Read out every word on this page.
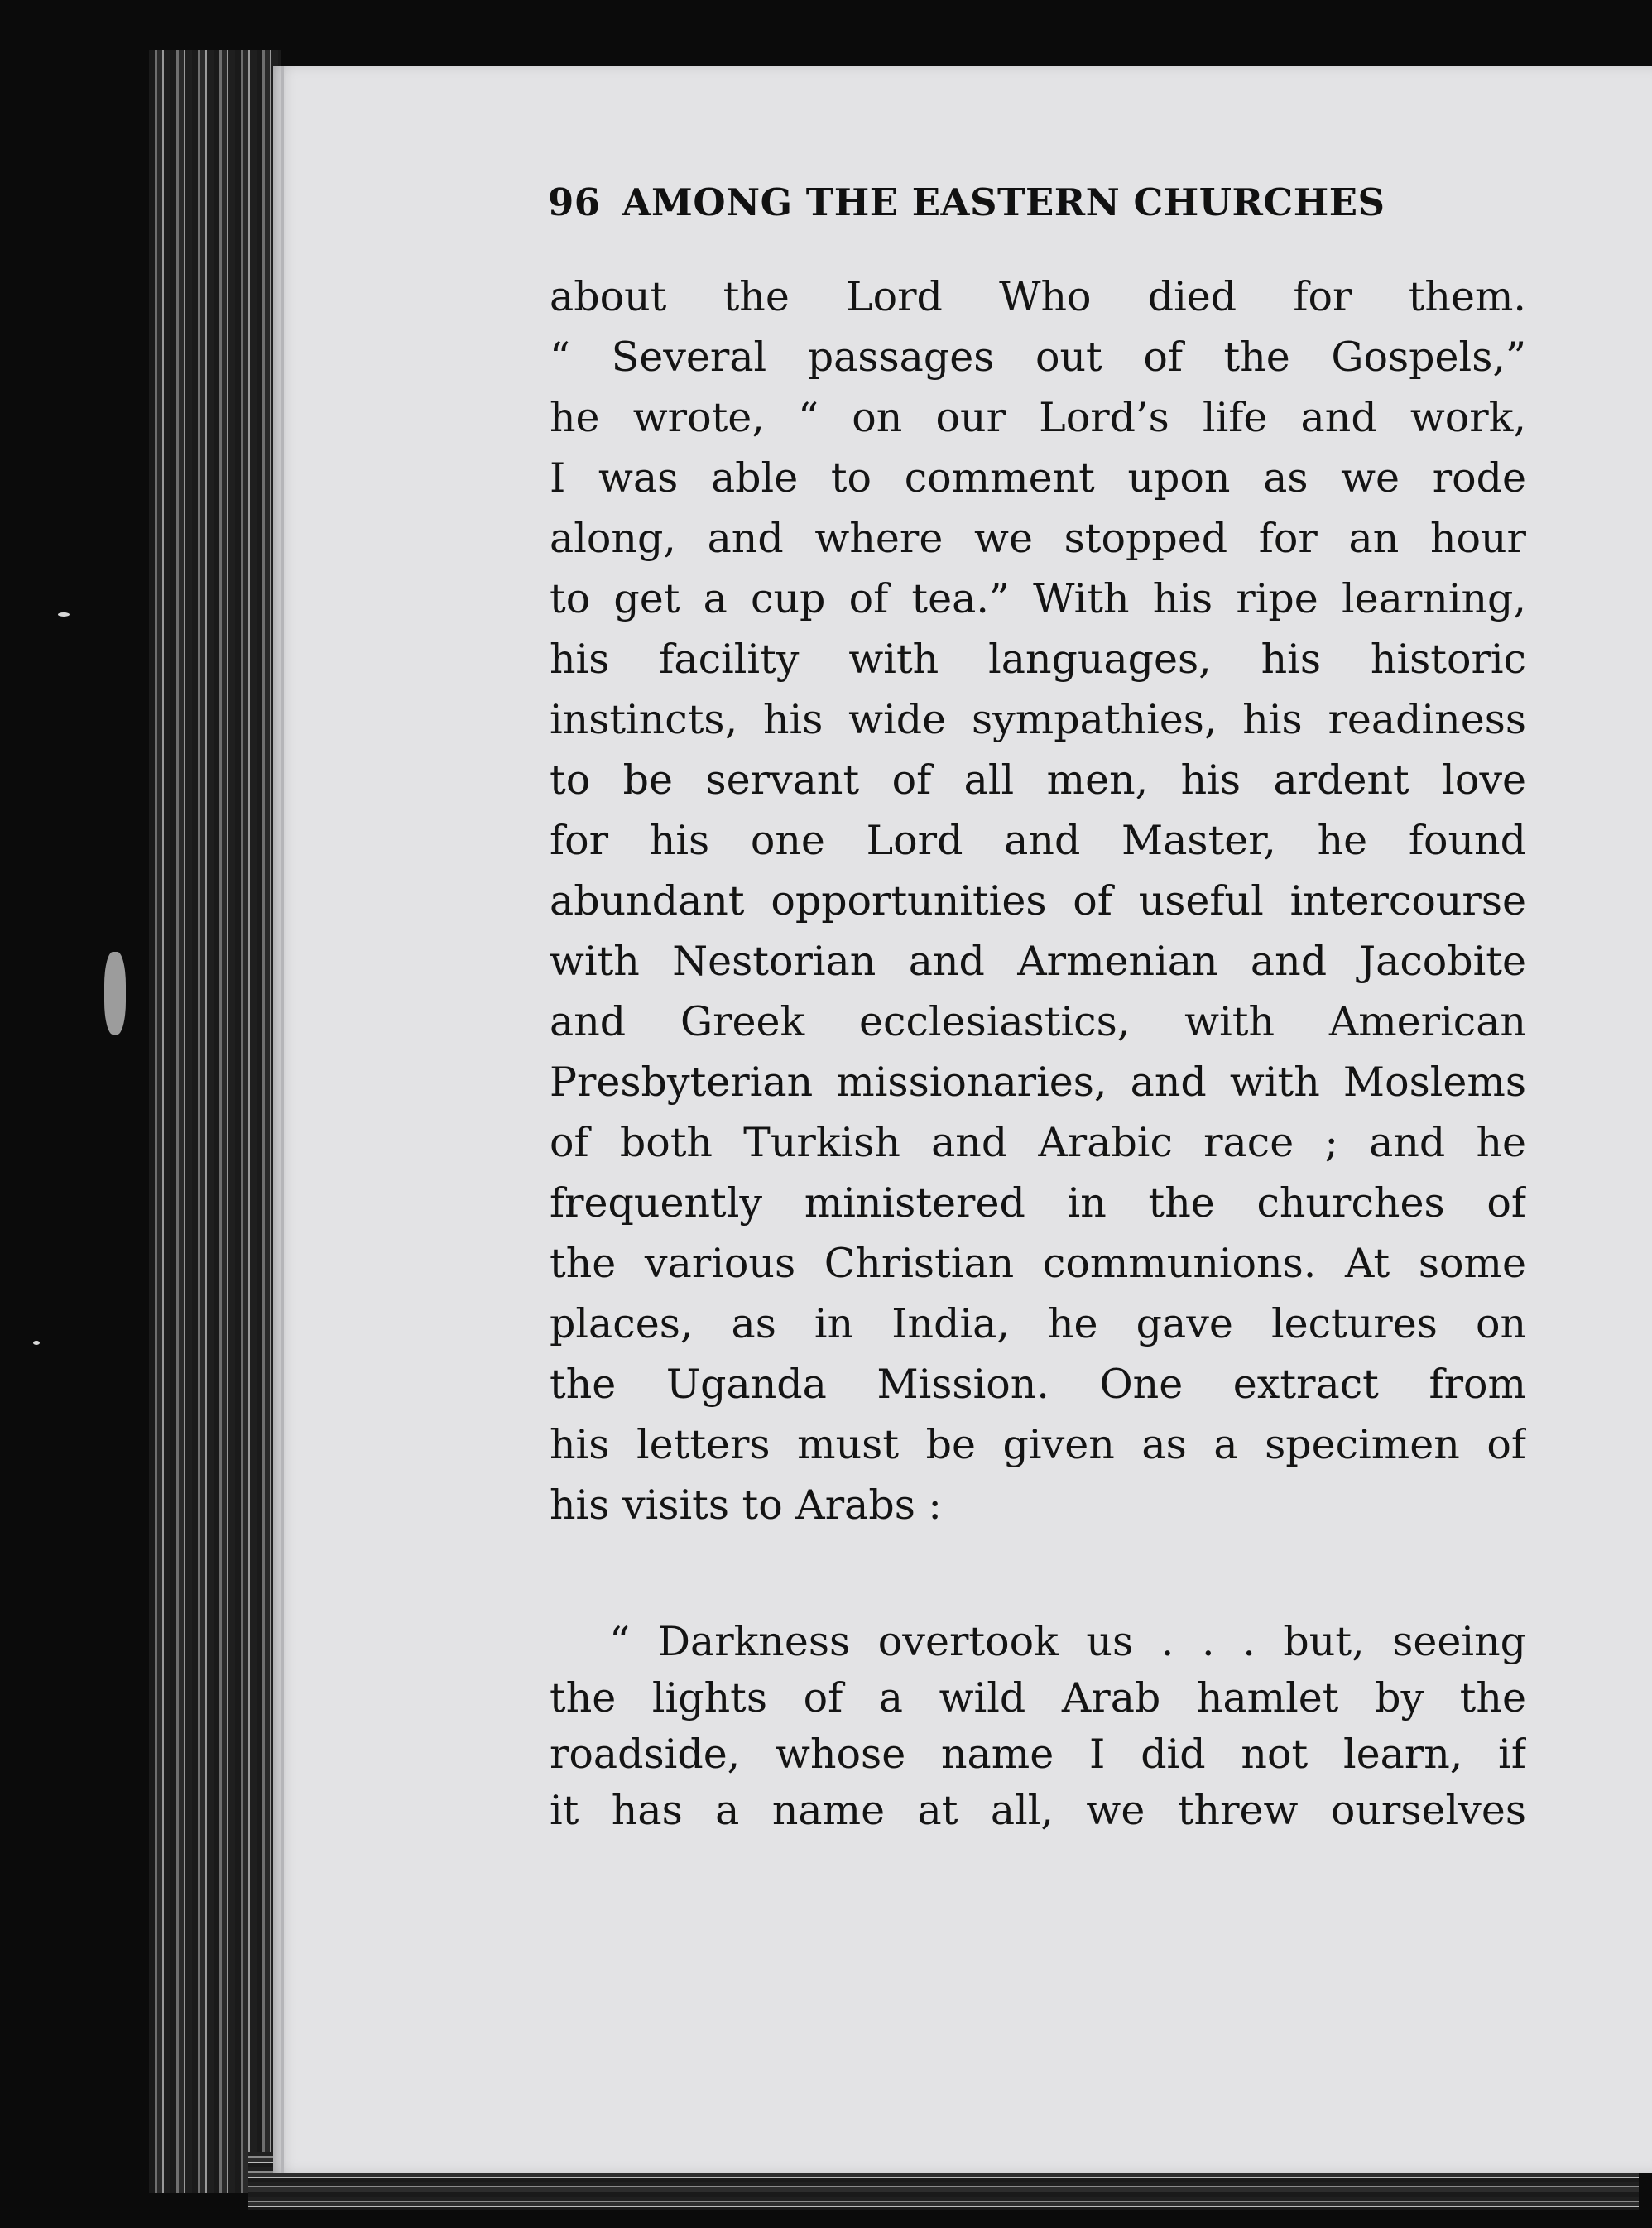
96 AMONG THE EASTERN CHURCHES
about the Lord Who died for them.
“ Several passages out of the Gospels,”
he wrote, “ on our Lord’s life and work,
I was able to comment upon as we rode
along, and where we stopped for an hour
to get a cup of tea.” With his ripe learning,
his facility with languages, his historic
instincts, his wide sympathies, his readiness
to be servant of all men, his ardent love
for his one Lord and Master, he found
abundant opportunities of useful intercourse
with Nestorian and Armenian and Jacobite
and Greek ecclesiastics, with American
Presbyterian missionaries, and with Moslems
of both Turkish and Arabic race ; and he
frequently ministered in the churches of
the various Christian communions. At some
places, as in India, he gave lectures on
the Uganda Mission. One extract from
his letters must be given as a specimen of
his visits to Arabs :
“ Darkness overtook us . . . but, seeing
the lights of a wild Arab hamlet by the
roadside, whose name I did not learn, if
it has a name at all, we threw ourselves
